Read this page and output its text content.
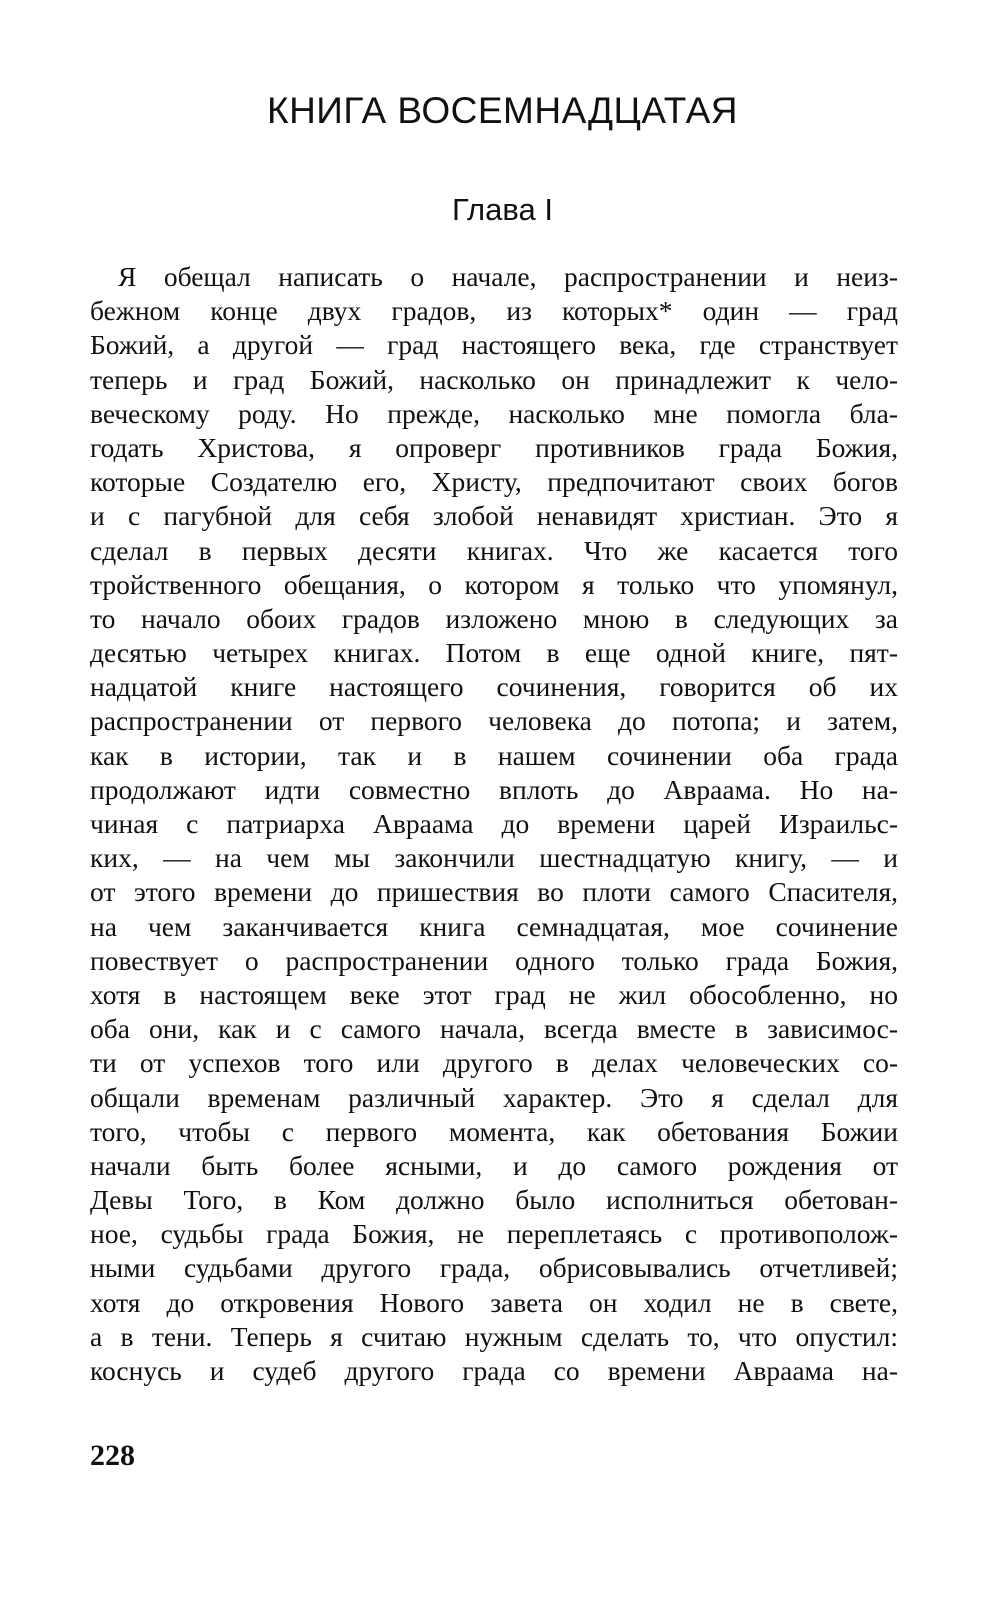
КНИГА ВОСЕМНАДЦАТАЯ
Глава I
Я обещал написать о начале, распространении и неиз-
бежном конце двух градов, из которых* один — град
Божий, а другой — град настоящего века, где странствует
теперь и град Божий, насколько он принадлежит к чело-
веческому роду. Но прежде, насколько мне помогла бла-
годать Христова, я опроверг противников града Божия,
которые Создателю его, Христу, предпочитают своих богов
и с пагубной для себя злобой ненавидят христиан. Это я
сделал в первых десяти книгах. Что же касается того
тройственного обещания, о котором я только что упомянул,
то начало обоих градов изложено мною в следующих за
десятью четырех книгах. Потом в еще одной книге, пят-
надцатой книге настоящего сочинения, говорится об их
распространении от первого человека до потопа; и затем,
как в истории, так и в нашем сочинении оба града
продолжают идти совместно вплоть до Авраама. Но на-
чиная с патриарха Авраама до времени царей Израильс-
ких, — на чем мы закончили шестнадцатую книгу, — и
от этого времени до пришествия во плоти самого Спасителя,
на чем заканчивается книга семнадцатая, мое сочинение
повествует о распространении одного только града Божия,
хотя в настоящем веке этот град не жил обособленно, но
оба они, как и с самого начала, всегда вместе в зависимос-
ти от успехов того или другого в делах человеческих со-
общали временам различный характер. Это я сделал для
того, чтобы с первого момента, как обетования Божии
начали быть более ясными, и до самого рождения от
Девы Того, в Ком должно было исполниться обетован-
ное, судьбы града Божия, не переплетаясь с противополож-
ными судьбами другого града, обрисовывались отчетливей;
хотя до откровения Нового завета он ходил не в свете,
а в тени. Теперь я считаю нужным сделать то, что опустил:
коснусь и судеб другого града со времени Авраама на-
228
